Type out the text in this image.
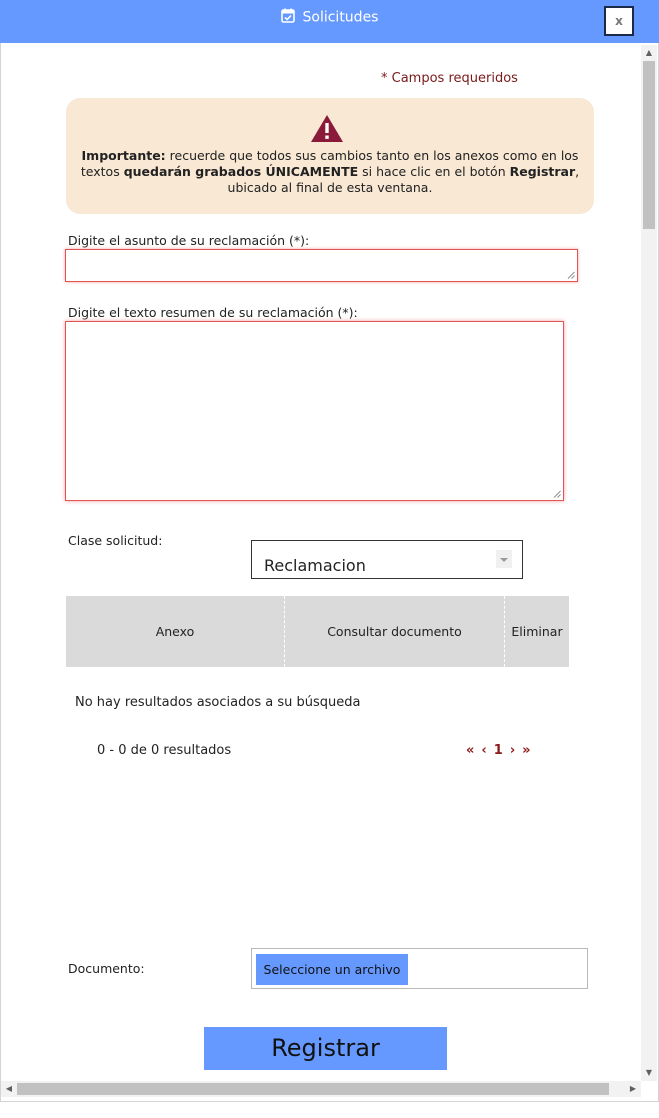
Solicitudes	x
* Campos requeridos
Importante: recuerde que todos sus cambios tanto en los anexos como en los textos quedarán grabados ÚNICAMENTE si hace clic en el botón Registrar, ubicado al final de esta ventana.
Digite el asunto de su reclamación (*):
Digite el texto resumen de su reclamación (*):
Clase solicitud:
Reclamacion
Anexo	Consultar documento	Eliminar
No hay resultados asociados a su búsqueda
0 - 0 de 0 resultados	« ‹ 1 › »
Documento:	Seleccione un archivo
Registrar
▲
▼
◀	▶
